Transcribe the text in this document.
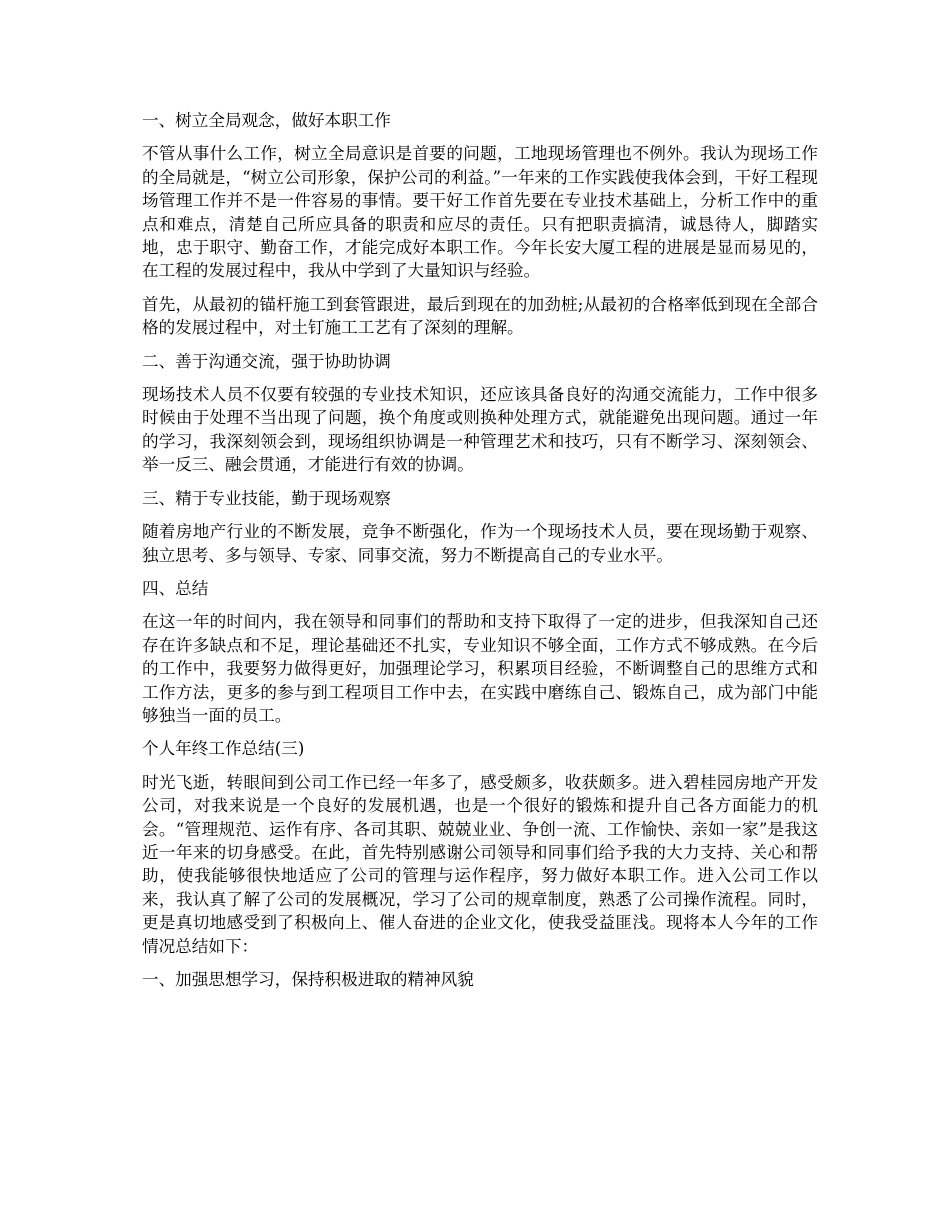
一、树立全局观念，做好本职工作

不管从事什么工作，树立全局意识是首要的问题，工地现场管理也不例外。我认为现场工作的全局就是，“树立公司形象，保护公司的利益。”一年来的工作实践使我体会到，干好工程现场管理工作并不是一件容易的事情。要干好工作首先要在专业技术基础上，分析工作中的重点和难点，清楚自己所应具备的职责和应尽的责任。只有把职责搞清，诚恳待人，脚踏实地，忠于职守、勤奋工作，才能完成好本职工作。今年长安大厦工程的进展是显而易见的，在工程的发展过程中，我从中学到了大量知识与经验。

首先，从最初的锚杆施工到套管跟进，最后到现在的加劲桩;从最初的合格率低到现在全部合格的发展过程中，对土钉施工工艺有了深刻的理解。

二、善于沟通交流，强于协助协调

现场技术人员不仅要有较强的专业技术知识，还应该具备良好的沟通交流能力，工作中很多时候由于处理不当出现了问题，换个角度或则换种处理方式，就能避免出现问题。通过一年的学习，我深刻领会到，现场组织协调是一种管理艺术和技巧，只有不断学习、深刻领会、举一反三、融会贯通，才能进行有效的协调。

三、精于专业技能，勤于现场观察

随着房地产行业的不断发展，竞争不断强化，作为一个现场技术人员，要在现场勤于观察、独立思考、多与领导、专家、同事交流，努力不断提高自己的专业水平。

四、总结

在这一年的时间内，我在领导和同事们的帮助和支持下取得了一定的进步，但我深知自己还存在许多缺点和不足，理论基础还不扎实，专业知识不够全面，工作方式不够成熟。在今后的工作中，我要努力做得更好，加强理论学习，积累项目经验，不断调整自己的思维方式和工作方法，更多的参与到工程项目工作中去，在实践中磨练自己、锻炼自己，成为部门中能够独当一面的员工。

个人年终工作总结(三)

时光飞逝，转眼间到公司工作已经一年多了，感受颇多，收获颇多。进入碧桂园房地产开发公司，对我来说是一个良好的发展机遇，也是一个很好的锻炼和提升自己各方面能力的机会。“管理规范、运作有序、各司其职、兢兢业业、争创一流、工作愉快、亲如一家”是我这近一年来的切身感受。在此，首先特别感谢公司领导和同事们给予我的大力支持、关心和帮助，使我能够很快地适应了公司的管理与运作程序，努力做好本职工作。进入公司工作以来，我认真了解了公司的发展概况，学习了公司的规章制度，熟悉了公司操作流程。同时，更是真切地感受到了积极向上、催人奋进的企业文化，使我受益匪浅。现将本人今年的工作情况总结如下：

一、加强思想学习，保持积极进取的精神风貌
